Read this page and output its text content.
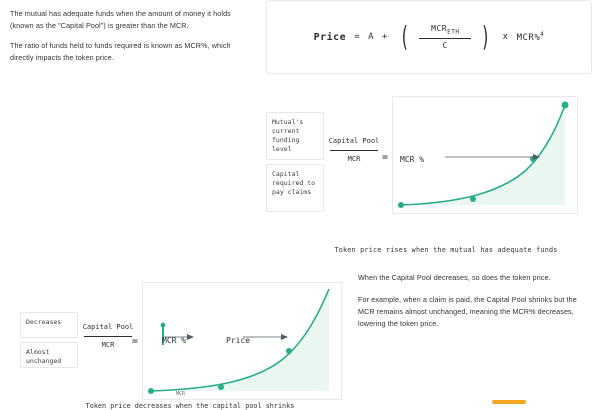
The mutual has adequate funds when the amount of money it holds (known as the "Capital Pool") is greater than the MCR.
The ratio of funds held to funds required is known as MCR%, which directly impacts the token price.
Price = A + ( $\frac{MCR_{ETH}}{C}$ ) x MCR%$^4$
Mutual's current funding level
Capital required to pay claims
Capital Pool
MCR	= MCR %
Token price rises when the mutual has adequate funds
When the Capital Pool decreases, so does the token price.
For example, when a claim is paid, the Capital Pool shrinks but the MCR remains almost unchanged, meaning the MCR% decreases, lowering the token price.
Decreases
Almost unchanged
Capital Pool
MCR	=	MCR %	Price
MCR
Token price decreases when the capital pool shrinks
